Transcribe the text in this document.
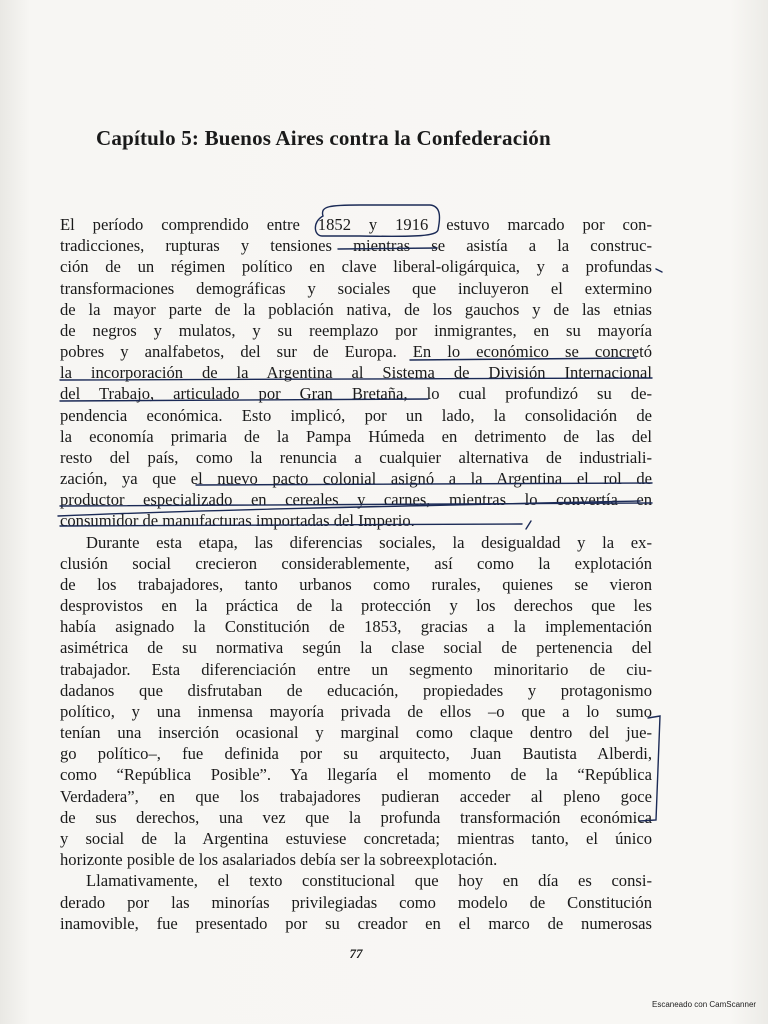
Capítulo 5: Buenos Aires contra la Confederación
El período comprendido entre 1852 y 1916 estuvo marcado por con-
tradicciones, rupturas y tensiones mientras se asistía a la construc-
ción de un régimen político en clave liberal-oligárquica, y a profundas
transformaciones demográficas y sociales que incluyeron el extermino
de la mayor parte de la población nativa, de los gauchos y de las etnias
de negros y mulatos, y su reemplazo por inmigrantes, en su mayoría
pobres y analfabetos, del sur de Europa. En lo económico se concretó
la incorporación de la Argentina al Sistema de División Internacional
del Trabajo, articulado por Gran Bretaña, lo cual profundizó su de-
pendencia económica. Esto implicó, por un lado, la consolidación de
la economía primaria de la Pampa Húmeda en detrimento de las del
resto del país, como la renuncia a cualquier alternativa de industriali-
zación, ya que el nuevo pacto colonial asignó a la Argentina el rol de
productor especializado en cereales y carnes, mientras lo convertía en
consumidor de manufacturas importadas del Imperio.
Durante esta etapa, las diferencias sociales, la desigualdad y la ex-
clusión social crecieron considerablemente, así como la explotación
de los trabajadores, tanto urbanos como rurales, quienes se vieron
desprovistos en la práctica de la protección y los derechos que les
había asignado la Constitución de 1853, gracias a la implementación
asimétrica de su normativa según la clase social de pertenencia del
trabajador. Esta diferenciación entre un segmento minoritario de ciu-
dadanos que disfrutaban de educación, propiedades y protagonismo
político, y una inmensa mayoría privada de ellos –o que a lo sumo
tenían una inserción ocasional y marginal como claque dentro del jue-
go político–, fue definida por su arquitecto, Juan Bautista Alberdi,
como “República Posible”. Ya llegaría el momento de la “República
Verdadera”, en que los trabajadores pudieran acceder al pleno goce
de sus derechos, una vez que la profunda transformación económica
y social de la Argentina estuviese concretada; mientras tanto, el único
horizonte posible de los asalariados debía ser la sobreexplotación.
Llamativamente, el texto constitucional que hoy en día es consi-
derado por las minorías privilegiadas como modelo de Constitución
inamovible, fue presentado por su creador en el marco de numerosas
77
Escaneado con CamScanner
